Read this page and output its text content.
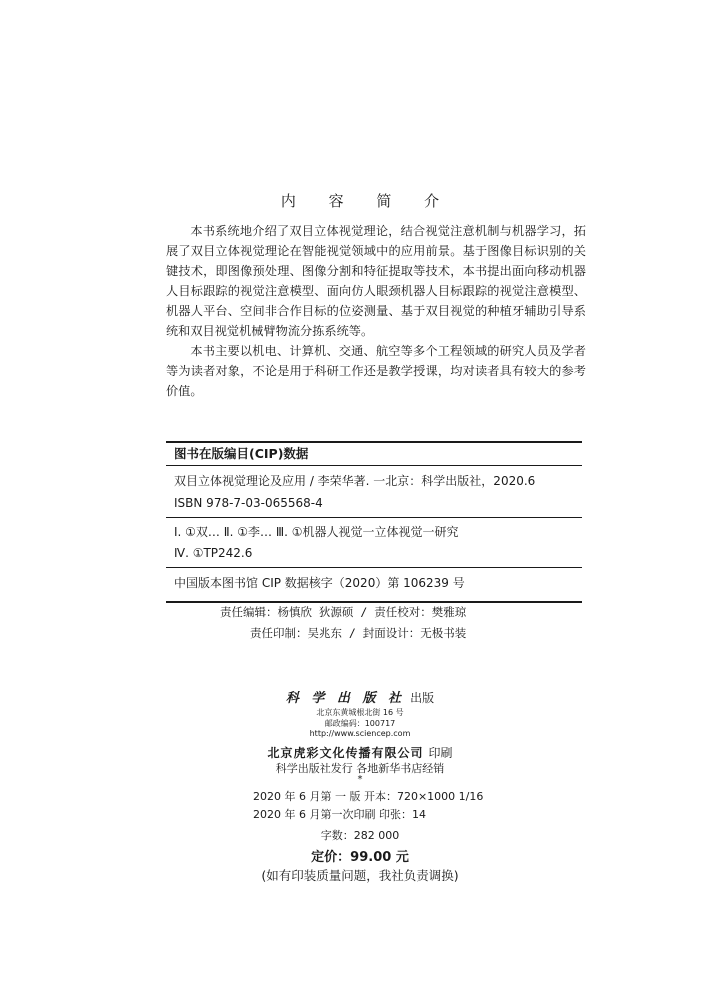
内 容 简 介

本书系统地介绍了双目立体视觉理论，结合视觉注意机制与机器学习，拓展了双目立体视觉理论在智能视觉领域中的应用前景。基于图像目标识别的关键技术，即图像预处理、图像分割和特征提取等技术，本书提出面向移动机器人目标跟踪的视觉注意模型、面向仿人眼颈机器人目标跟踪的视觉注意模型、机器人平台、空间非合作目标的位姿测量、基于双目视觉的种植牙辅助引导系统和双目视觉机械臂物流分拣系统等。

本书主要以机电、计算机、交通、航空等多个工程领域的研究人员及学者等为读者对象，不论是用于科研工作还是教学授课，均对读者具有较大的参考价值。

图书在版编目(CIP)数据
双目立体视觉理论及应用 / 李荣华著. 一北京：科学出版社，2020.6
ISBN 978-7-03-065568-4
Ⅰ. ①双… Ⅱ. ①李… Ⅲ. ①机器人视觉一立体视觉一研究
Ⅳ. ①TP242.6
中国版本图书馆 CIP 数据核字（2020）第 106239 号
责任编辑：杨慎欣 狄源硕 / 责任校对：樊雅琼
责任印制：吴兆东 / 封面设计：无极书装
科 学 出 版 社 出版
北京东黄城根北街 16 号
邮政编码：100717
http://www.sciencep.com
北京虎彩文化传播有限公司 印刷
科学出版社发行 各地新华书店经销
*
2020 年 6 月第 一 版 开本：720×1000 1/16
2020 年 6 月第一次印刷 印张：14
字数：282 000
定价：99.00 元
(如有印装质量问题，我社负责调换)
